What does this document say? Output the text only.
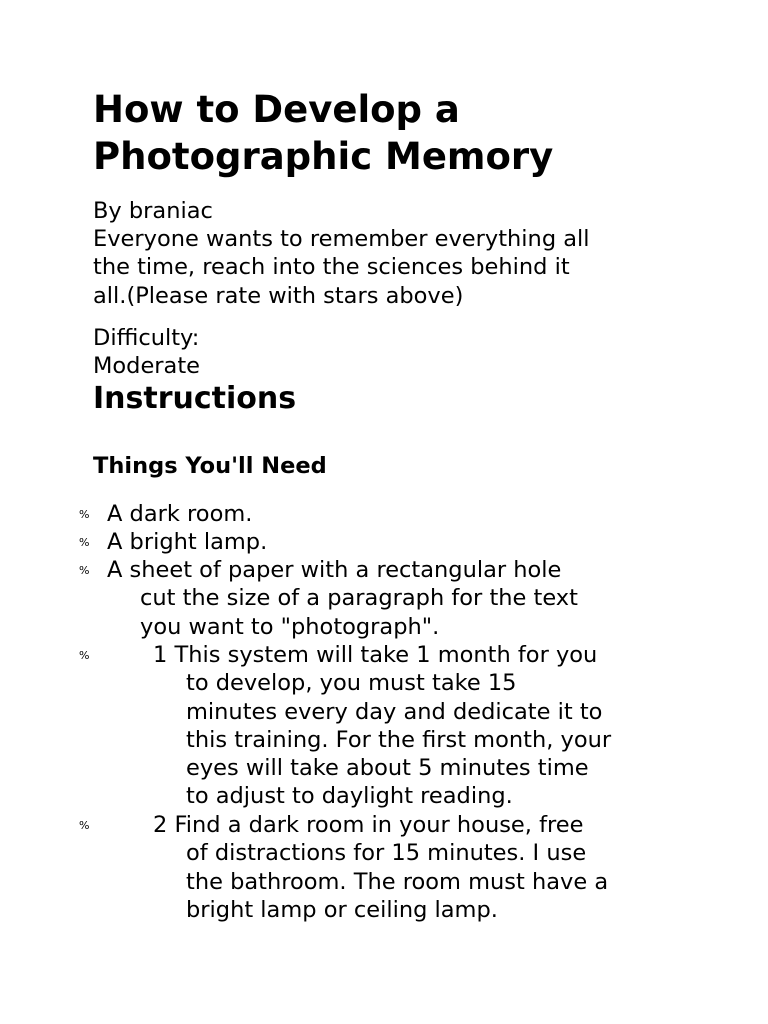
How to Develop a
Photographic Memory

By braniac

Everyone wants to remember everything all
the time, reach into the sciences behind it
all.(Please rate with stars above)

Difficulty:

Moderate

Instructions
Things You'll Need
% A dark room.
% A bright lamp.
% A sheet of paper with a rectangular hole
cut the size of a paragraph for the text
you want to "photograph".
%	1 This system will take 1 month for you
to develop, you must take 15
minutes every day and dedicate it to
this training. For the first month, your
eyes will take about 5 minutes time
to adjust to daylight reading.
%	2 Find a dark room in your house, free
of distractions for 15 minutes. I use
the bathroom. The room must have a
bright lamp or ceiling lamp.
